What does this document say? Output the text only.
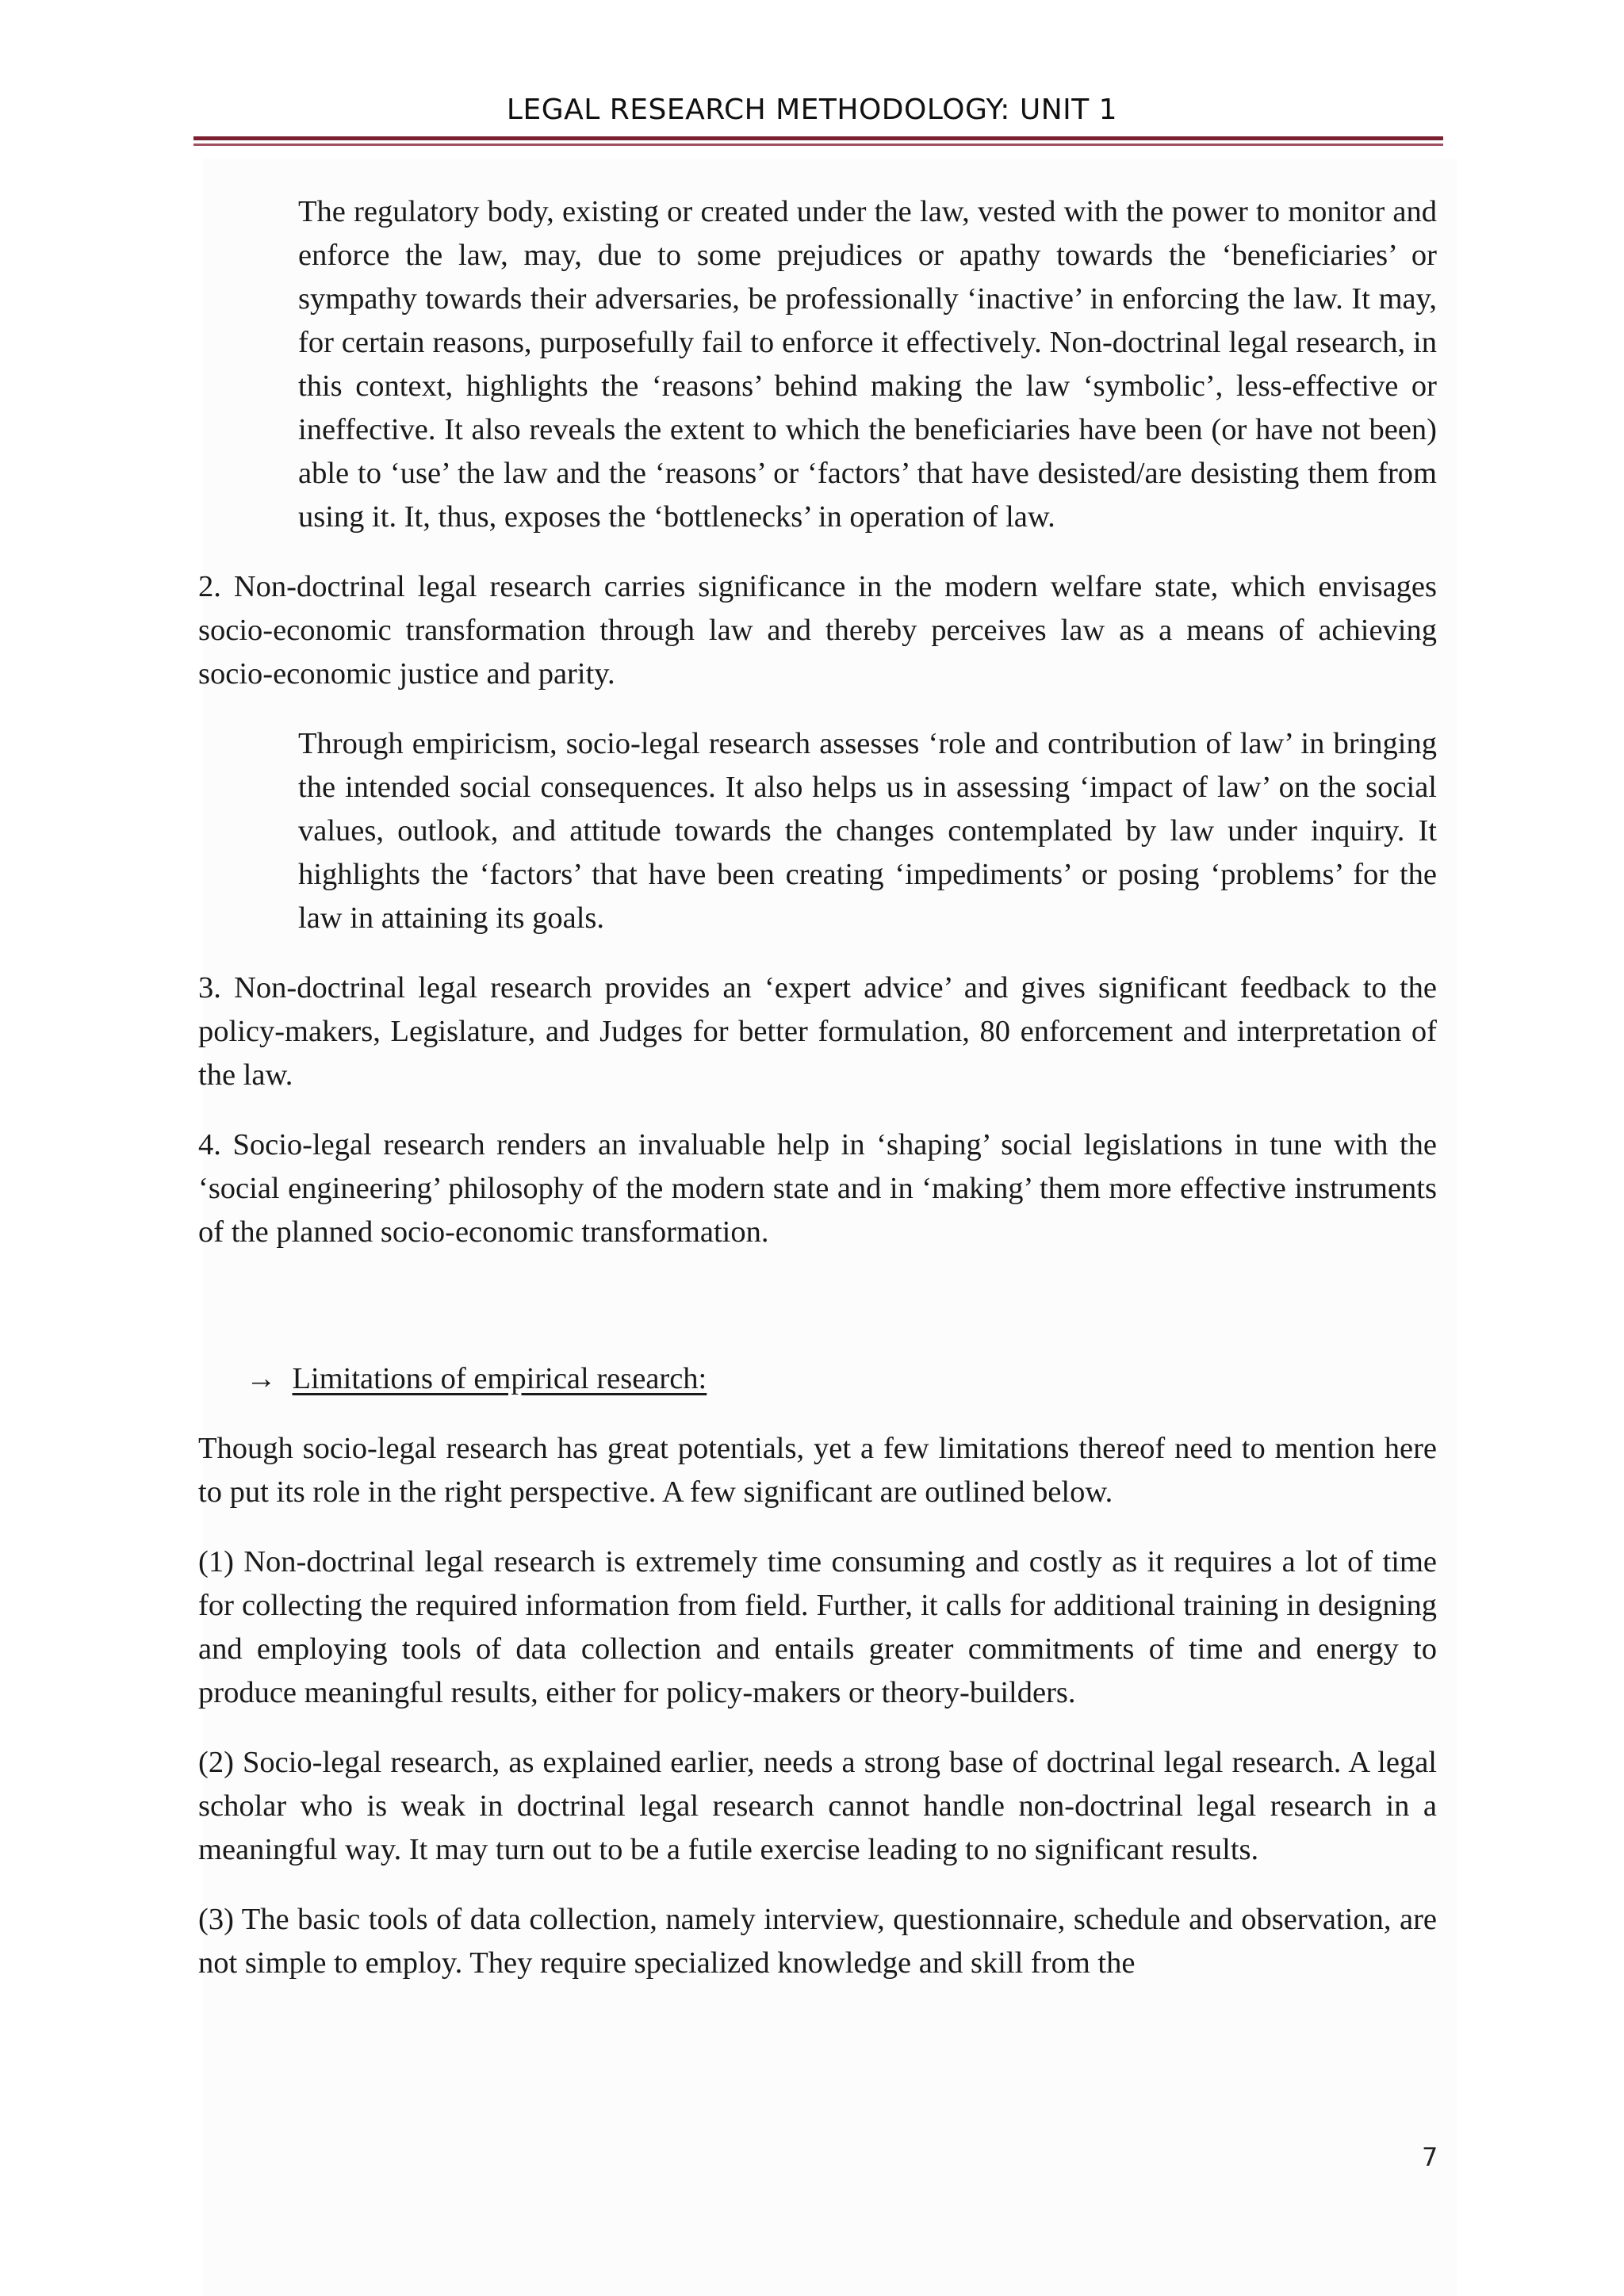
LEGAL RESEARCH METHODOLOGY: UNIT 1

The regulatory body, existing or created under the law, vested with the power to monitor and enforce the law, may, due to some prejudices or apathy towards the ‘beneficiaries’ or sympathy towards their adversaries, be professionally ‘inactive’ in enforcing the law. It may, for certain reasons, purposefully fail to enforce it effectively. Non-doctrinal legal research, in this context, highlights the ‘reasons’ behind making the law ‘symbolic’, less-effective or ineffective. It also reveals the extent to which the beneficiaries have been (or have not been) able to ‘use’ the law and the ‘reasons’ or ‘factors’ that have desisted/are desisting them from using it. It, thus, exposes the ‘bottlenecks’ in operation of law.

2. Non-doctrinal legal research carries significance in the modern welfare state, which envisages socio-economic transformation through law and thereby perceives law as a means of achieving socio-economic justice and parity.

Through empiricism, socio-legal research assesses ‘role and contribution of law’ in bringing the intended social consequences. It also helps us in assessing ‘impact of law’ on the social values, outlook, and attitude towards the changes contemplated by law under inquiry. It highlights the ‘factors’ that have been creating ‘impediments’ or posing ‘problems’ for the law in attaining its goals.

3. Non-doctrinal legal research provides an ‘expert advice’ and gives significant feedback to the policy-makers, Legislature, and Judges for better formulation, 80 enforcement and interpretation of the law.

4. Socio-legal research renders an invaluable help in ‘shaping’ social legislations in tune with the ‘social engineering’ philosophy of the modern state and in ‘making’ them more effective instruments of the planned socio-economic transformation.

→ Limitations of empirical research:

Though socio-legal research has great potentials, yet a few limitations thereof need to mention here to put its role in the right perspective. A few significant are outlined below.

(1) Non-doctrinal legal research is extremely time consuming and costly as it requires a lot of time for collecting the required information from field. Further, it calls for additional training in designing and employing tools of data collection and entails greater commitments of time and energy to produce meaningful results, either for policy-makers or theory-builders.

(2) Socio-legal research, as explained earlier, needs a strong base of doctrinal legal research. A legal scholar who is weak in doctrinal legal research cannot handle non-doctrinal legal research in a meaningful way. It may turn out to be a futile exercise leading to no significant results.

(3) The basic tools of data collection, namely interview, questionnaire, schedule and observation, are not simple to employ. They require specialized knowledge and skill from the

7
